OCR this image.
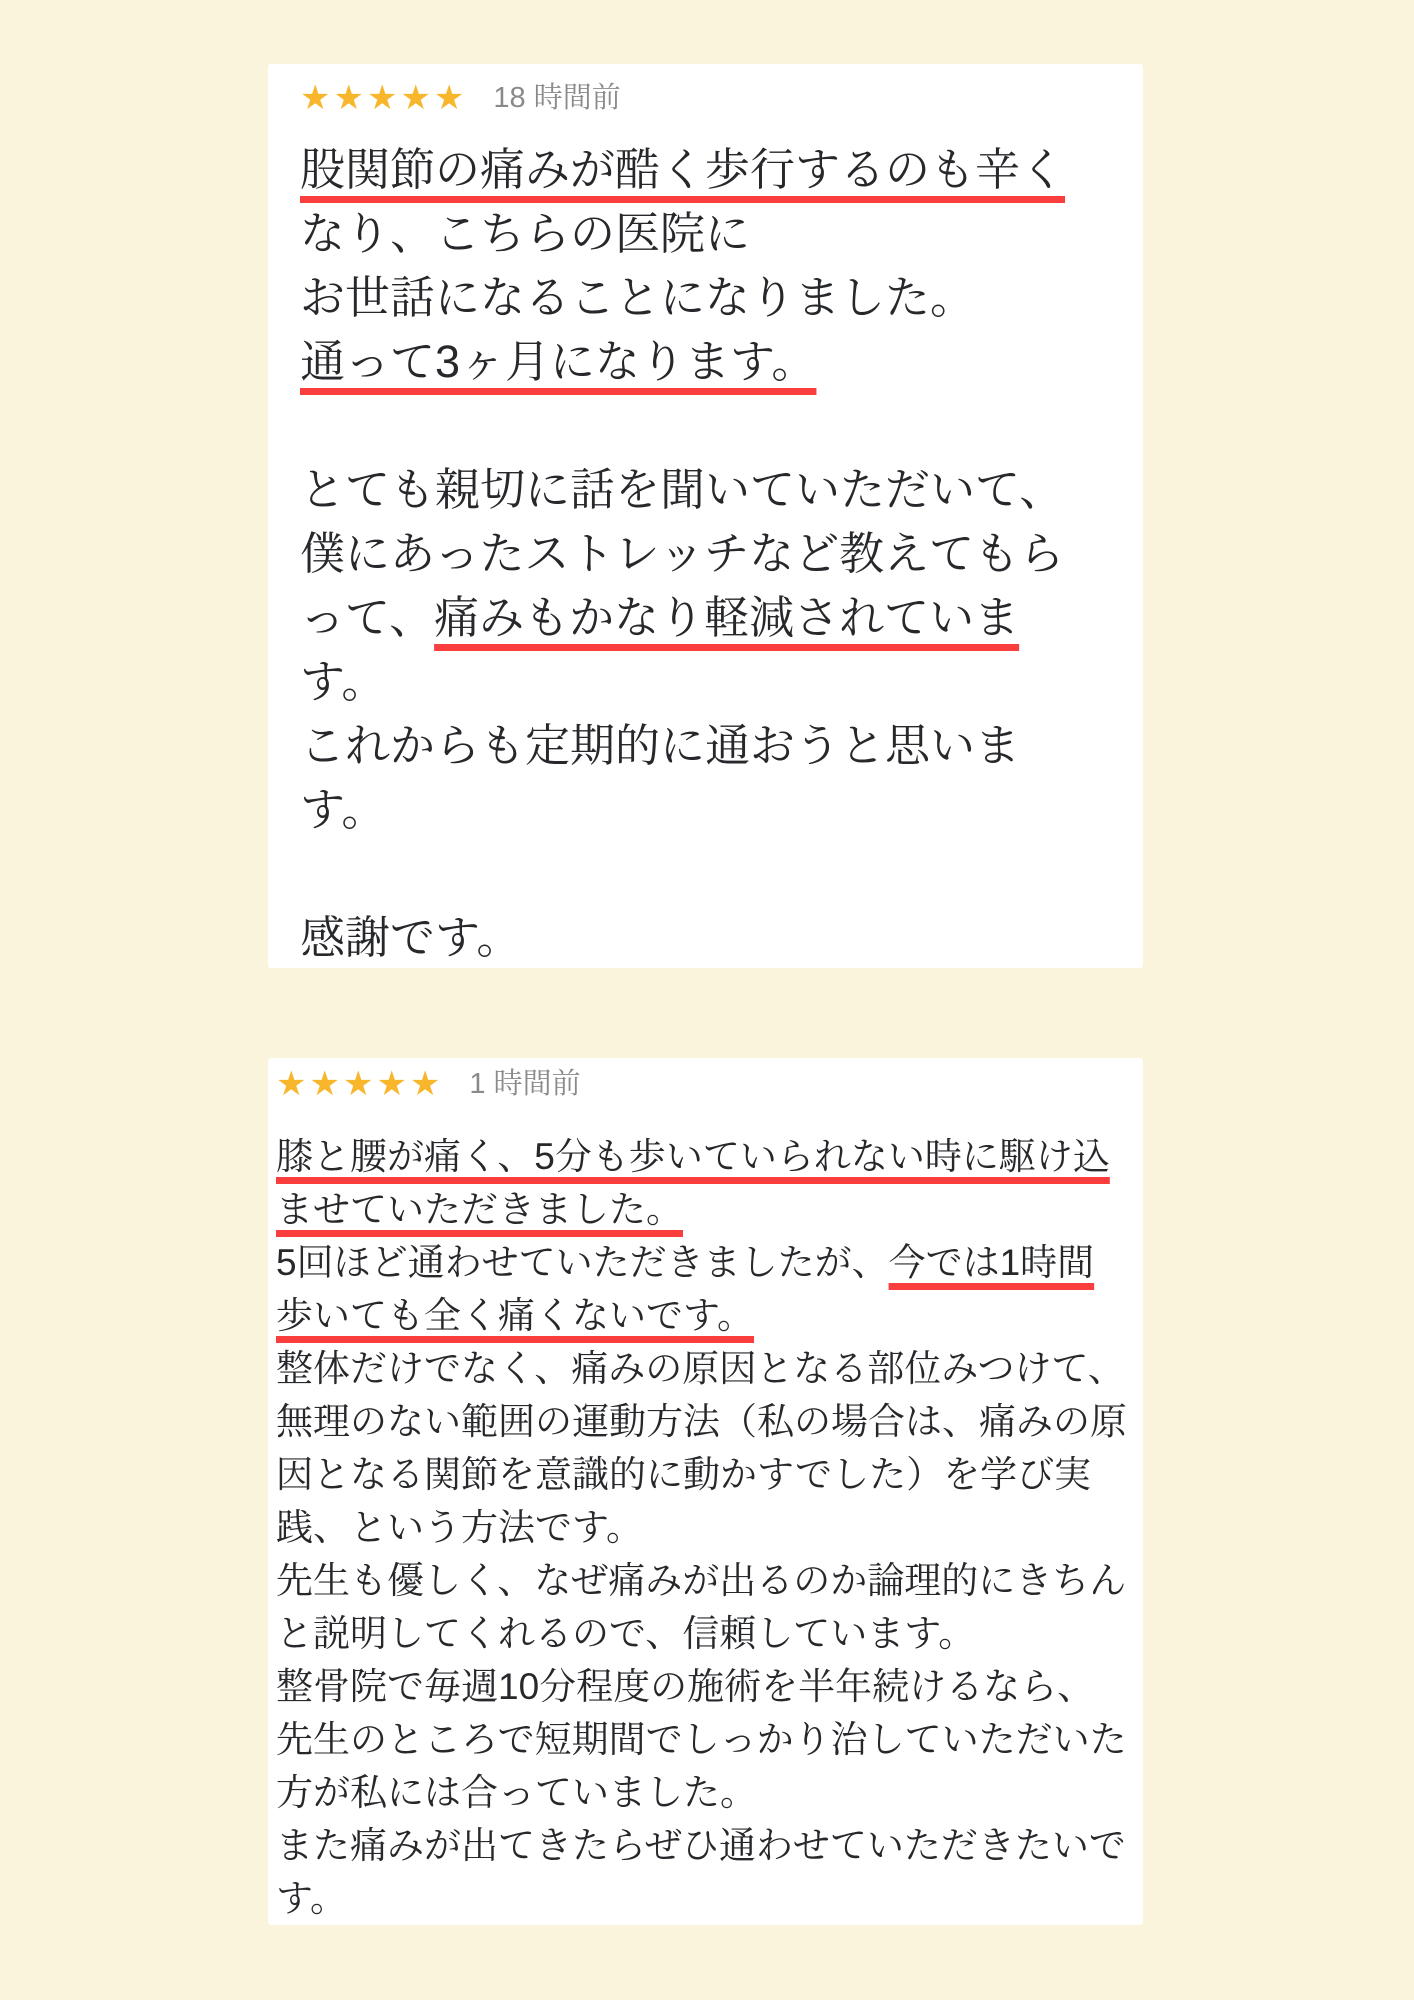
★★★★★ 18 時間前
股関節の痛みが酷く歩行するのも辛く
なり、こちらの医院に
お世話になることになりました。
通って3ヶ月になります。

とても親切に話を聞いていただいて、
僕にあったストレッチなど教えてもら
って、痛みもかなり軽減されていま
す。
これからも定期的に通おうと思いま
す。

感謝です。
★★★★★ 1 時間前
膝と腰が痛く、5分も歩いていられない時に駆け込
ませていただきました。
5回ほど通わせていただきましたが、今では1時間
歩いても全く痛くないです。
整体だけでなく、痛みの原因となる部位みつけて、
無理のない範囲の運動方法（私の場合は、痛みの原
因となる関節を意識的に動かすでした）を学び実
践、という方法です。
先生も優しく、なぜ痛みが出るのか論理的にきちん
と説明してくれるので、信頼しています。
整骨院で毎週10分程度の施術を半年続けるなら、
先生のところで短期間でしっかり治していただいた
方が私には合っていました。
また痛みが出てきたらぜひ通わせていただきたいで
す。
